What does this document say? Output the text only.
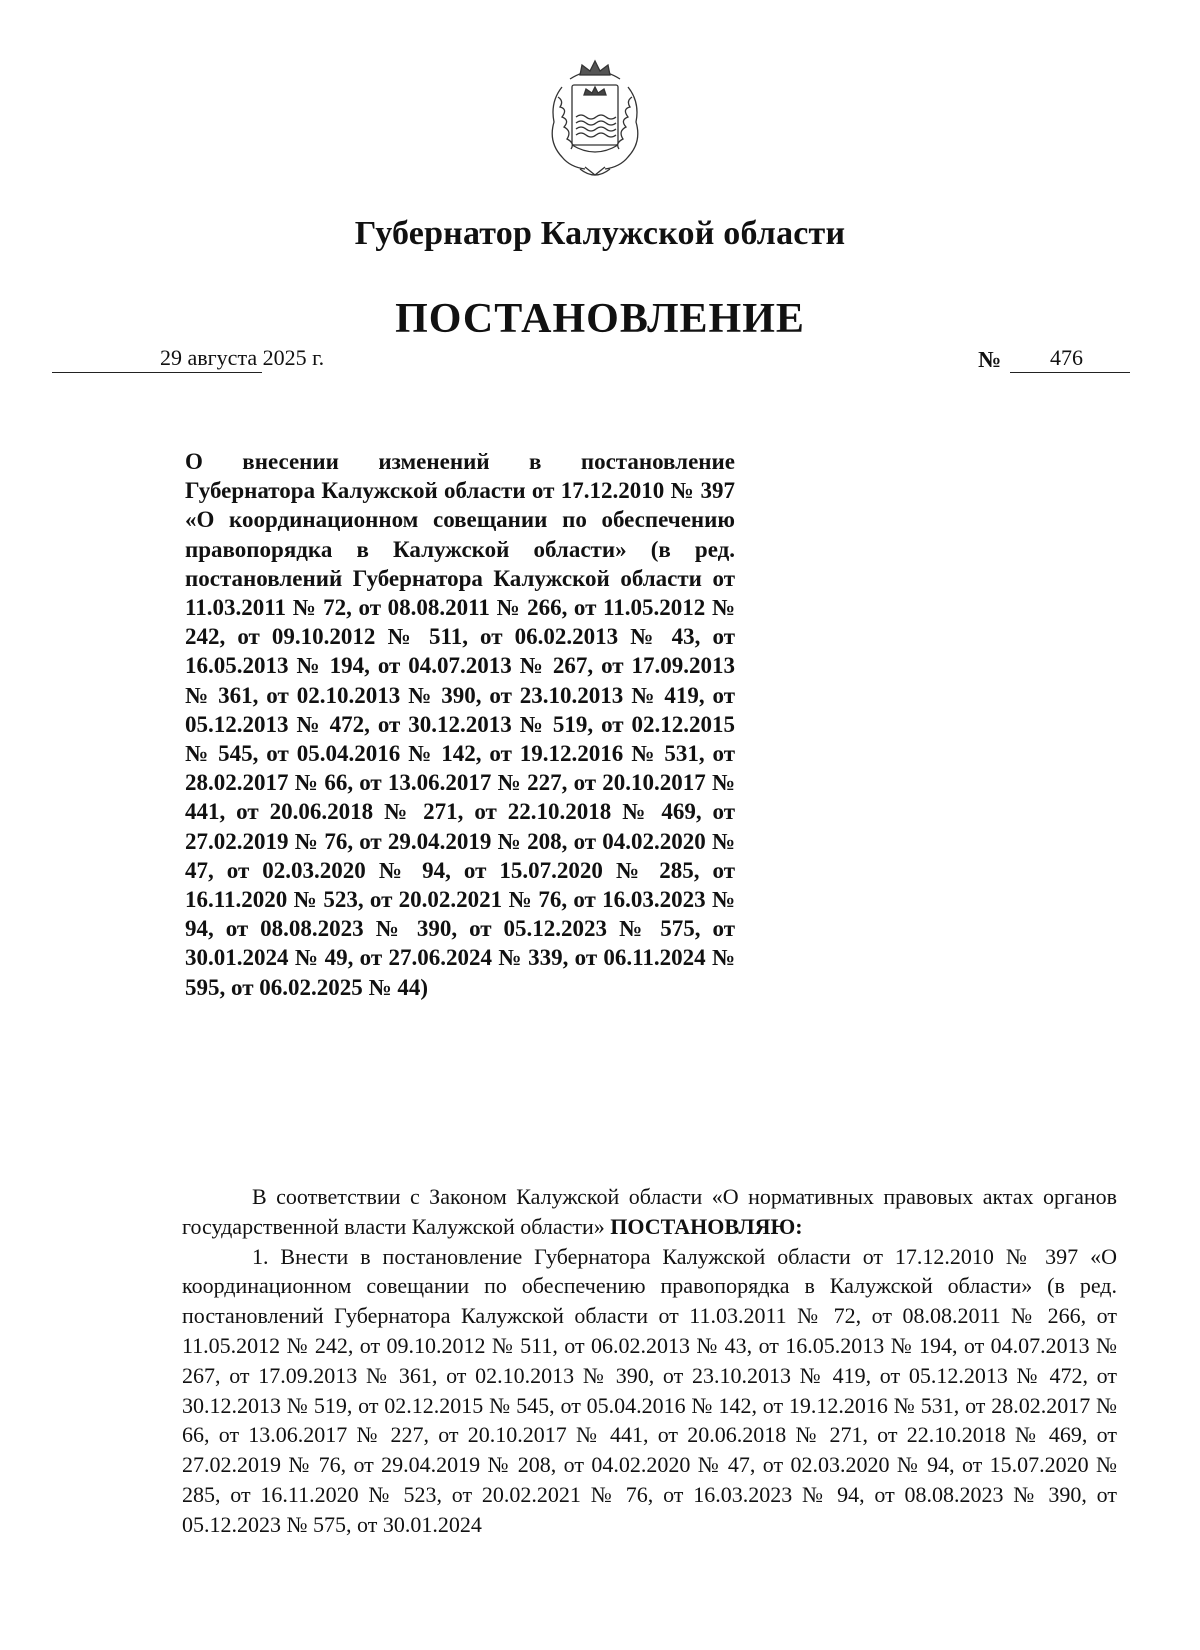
Губернатор Калужской области
ПОСТАНОВЛЕНИЕ
29 августа 2025 г.	№ 476

О внесении изменений в постановление Губернатора Калужской области от 17.12.2010 № 397 «О координационном совещании по обеспечению правопорядка в Калужской области» (в ред. постановлений Губернатора Калужской области от 11.03.2011 № 72, от 08.08.2011 № 266, от 11.05.2012 № 242, от 09.10.2012 № 511, от 06.02.2013 № 43, от 16.05.2013 № 194, от 04.07.2013 № 267, от 17.09.2013 № 361, от 02.10.2013 № 390, от 23.10.2013 № 419, от 05.12.2013 № 472, от 30.12.2013 № 519, от 02.12.2015 № 545, от 05.04.2016 № 142, от 19.12.2016 № 531, от 28.02.2017 № 66, от 13.06.2017 № 227, от 20.10.2017 № 441, от 20.06.2018 № 271, от 22.10.2018 № 469, от 27.02.2019 № 76, от 29.04.2019 № 208, от 04.02.2020 № 47, от 02.03.2020 № 94, от 15.07.2020 № 285, от 16.11.2020 № 523, от 20.02.2021 № 76, от 16.03.2023 № 94, от 08.08.2023 № 390, от 05.12.2023 № 575, от 30.01.2024 № 49, от 27.06.2024 № 339, от 06.11.2024 № 595, от 06.02.2025 № 44)

В соответствии с Законом Калужской области «О нормативных правовых актах органов государственной власти Калужской области» ПОСТАНОВЛЯЮ:

1. Внести в постановление Губернатора Калужской области от 17.12.2010 № 397 «О координационном совещании по обеспечению правопорядка в Калужской области» (в ред. постановлений Губернатора Калужской области от 11.03.2011 № 72, от 08.08.2011 № 266, от 11.05.2012 № 242, от 09.10.2012 № 511, от 06.02.2013 № 43, от 16.05.2013 № 194, от 04.07.2013 № 267, от 17.09.2013 № 361, от 02.10.2013 № 390, от 23.10.2013 № 419, от 05.12.2013 № 472, от 30.12.2013 № 519, от 02.12.2015 № 545, от 05.04.2016 № 142, от 19.12.2016 № 531, от 28.02.2017 № 66, от 13.06.2017 № 227, от 20.10.2017 № 441, от 20.06.2018 № 271, от 22.10.2018 № 469, от 27.02.2019 № 76, от 29.04.2019 № 208, от 04.02.2020 № 47, от 02.03.2020 № 94, от 15.07.2020 № 285, от 16.11.2020 № 523, от 20.02.2021 № 76, от 16.03.2023 № 94, от 08.08.2023 № 390, от 05.12.2023 № 575, от 30.01.2024
